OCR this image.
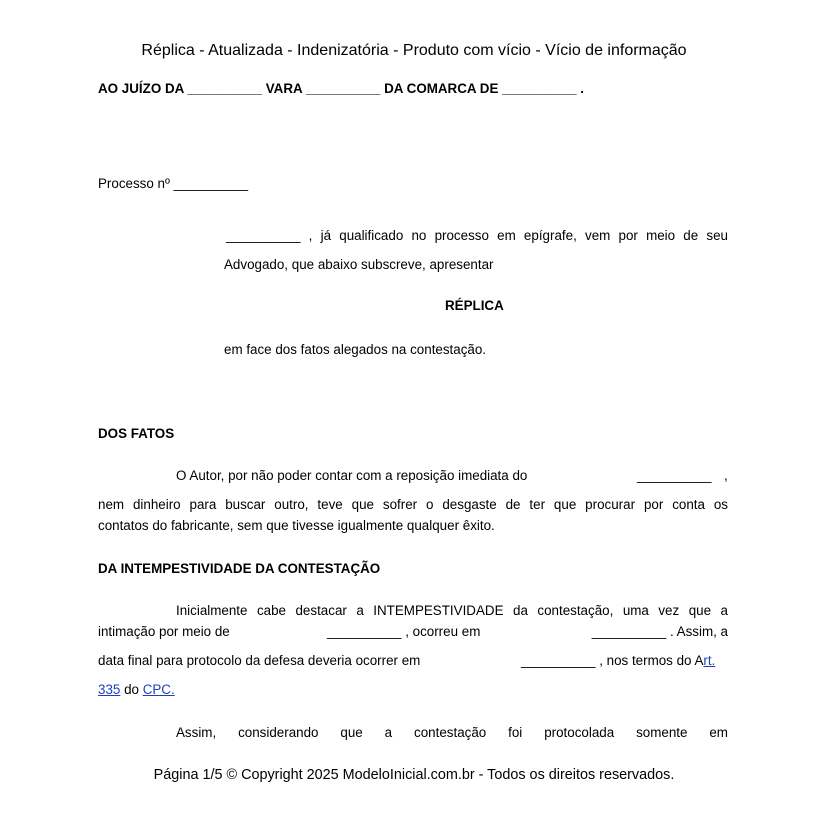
Réplica - Atualizada - Indenizatória - Produto com vício - Vício de informação
AO JUÍZO DA __________ VARA __________ DA COMARCA DE __________ .
Processo nº __________
__________ , já qualificado no processo em epígrafe, vem por meio de seu
Advogado, que abaixo subscreve, apresentar
RÉPLICA
em face dos fatos alegados na contestação.
DOS FATOS
O Autor, por não poder contar com a reposição imediata do	__________ ,
nem dinheiro para buscar outro, teve que sofrer o desgaste de ter que procurar por conta os
contatos do fabricante, sem que tivesse igualmente qualquer êxito.
DA INTEMPESTIVIDADE DA CONTESTAÇÃO
Inicialmente cabe destacar a INTEMPESTIVIDADE da contestação, uma vez que a
intimação por meio de	__________ , ocorreu em	__________ . Assim, a
data final para protocolo da defesa deveria ocorrer em	__________ , nos termos do Art.
335 do CPC.
Assim, considerando que a contestação foi protocolada somente em
Página 1/5 © Copyright 2025 ModeloInicial.com.br - Todos os direitos reservados.
